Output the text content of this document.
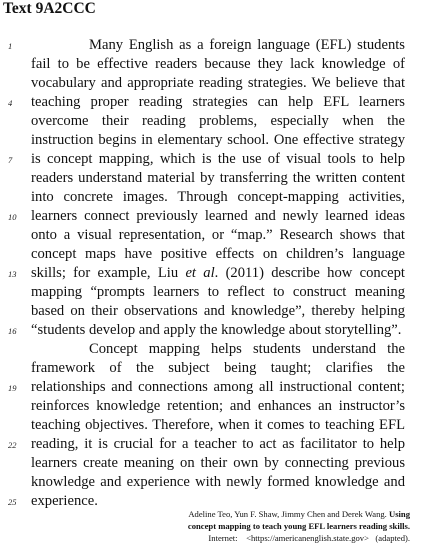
Text 9A2CCC
Many English as a foreign language (EFL) students
fail to be effective readers because they lack knowledge of
vocabulary and appropriate reading strategies. We believe that
teaching proper reading strategies can help EFL learners
overcome their reading problems, especially when the
instruction begins in elementary school. One effective strategy
is concept mapping, which is the use of visual tools to help
readers understand material by transferring the written content
into concrete images. Through concept-mapping activities,
learners connect previously learned and newly learned ideas
onto a visual representation, or “map.” Research shows that
concept maps have positive effects on children’s language
skills; for example, Liu et al. (2011) describe how concept
mapping “prompts learners to reflect to construct meaning
based on their observations and knowledge”, thereby helping
“students develop and apply the knowledge about storytelling”.
Concept mapping helps students understand the
framework of the subject being taught; clarifies the
relationships and connections among all instructional content;
reinforces knowledge retention; and enhances an instructor’s
teaching objectives. Therefore, when it comes to teaching EFL
reading, it is crucial for a teacher to act as facilitator to help
learners create meaning on their own by connecting previous
knowledge and experience with newly formed knowledge and
experience.
1
4
7
10
13
16
19
22
25
Adeline Teo, Yun F. Shaw, Jimmy Chen and Derek Wang. Using
concept mapping to teach young EFL learners reading skills.
Internet: <https://americanenglish.state.gov> (adapted).
